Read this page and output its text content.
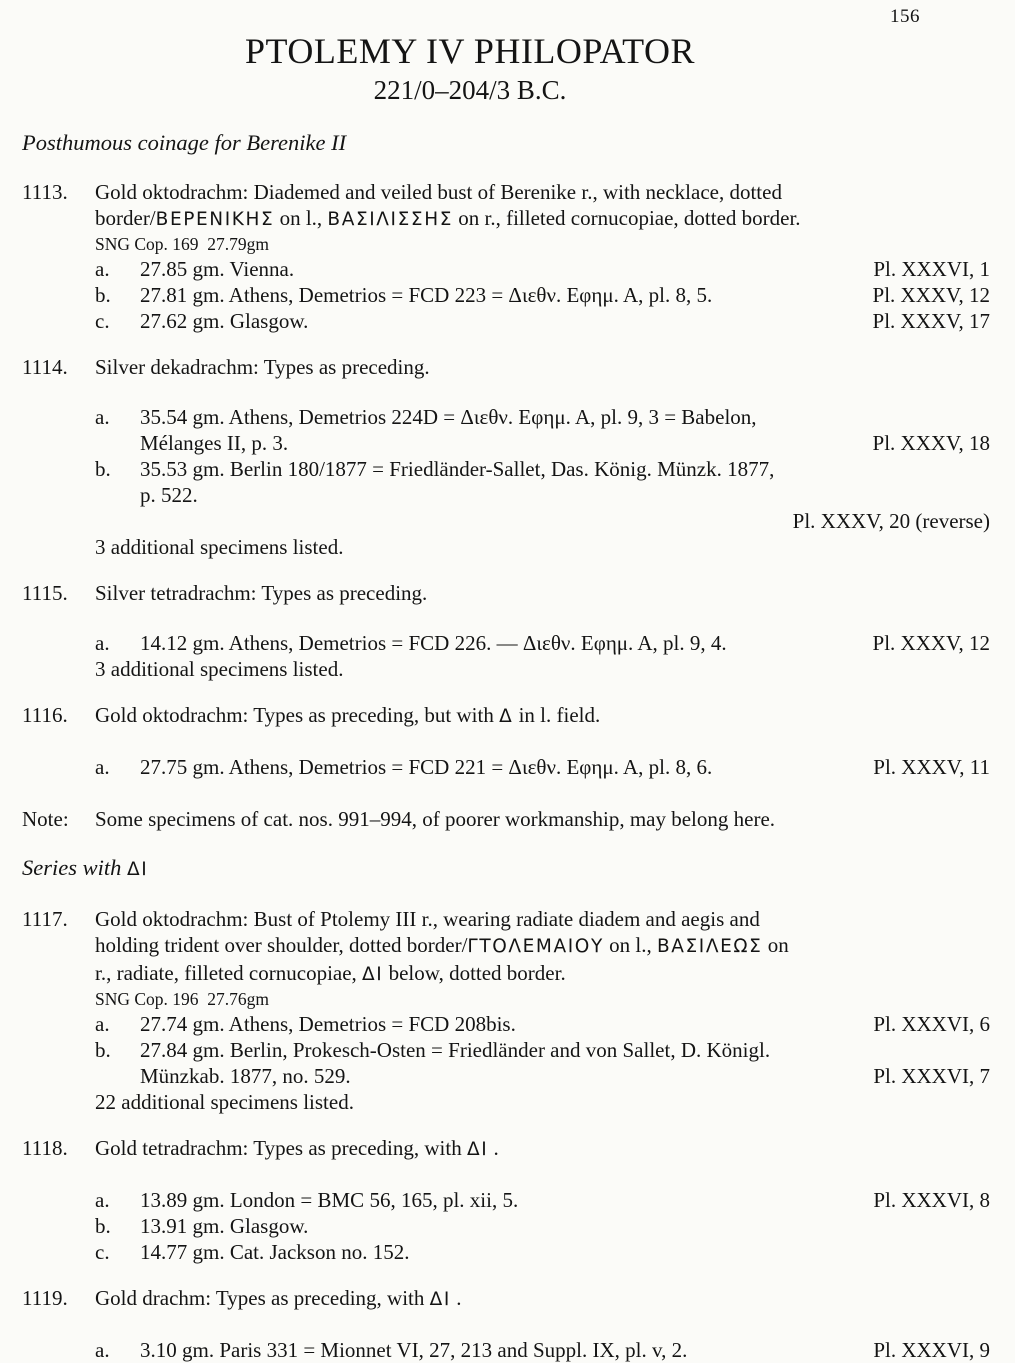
156
PTOLEMY IV PHILOPATOR
221/0–204/3 B.C.
Posthumous coinage for Berenike II
1113. Gold oktodrachm: Diademed and veiled bust of Berenike r., with necklace, dotted
border/ΒΕΡΕΝΙΚΗΣ on l., ΒΑΣΙΛΙΣΣΗΣ on r., filleted cornucopiae, dotted border.
SNG Cop. 169  27.79gm
a.	27.85 gm. Vienna.	Pl. XXXVI, 1
b.	27.81 gm. Athens, Demetrios = FCD 223 = Διεθν. Εφημ. Α, pl. 8, 5.	Pl. XXXV, 12
c.	27.62 gm. Glasgow.	Pl. XXXV, 17
1114. Silver dekadrachm: Types as preceding.
a.	35.54 gm. Athens, Demetrios 224D = Διεθν. Εφημ. Α, pl. 9, 3 = Babelon,
Mélanges II, p. 3.	Pl. XXXV, 18
b.	35.53 gm. Berlin 180/1877 = Friedländer-Sallet, Das. König. Münzk. 1877,
p. 522.
Pl. XXXV, 20 (reverse)
3 additional specimens listed.
1115. Silver tetradrachm: Types as preceding.
a.	14.12 gm. Athens, Demetrios = FCD 226. — Διεθν. Εφημ. Α, pl. 9, 4.	Pl. XXXV, 12
3 additional specimens listed.
1116. Gold oktodrachm: Types as preceding, but with Δ in l. field.
a.	27.75 gm. Athens, Demetrios = FCD 221 = Διεθν. Εφημ. Α, pl. 8, 6.	Pl. XXXV, 11
Note: Some specimens of cat. nos. 991–994, of poorer workmanship, may belong here.
Series with ΔΙ
1117. Gold oktodrachm: Bust of Ptolemy III r., wearing radiate diadem and aegis and
holding trident over shoulder, dotted border/ΓΤΟΛΕΜΑΙΟΥ on l., ΒΑΣΙΛΕΩΣ on
r., radiate, filleted cornucopiae, ΔΙ below, dotted border.
SNG Cop. 196  27.76gm
a.	27.74 gm. Athens, Demetrios = FCD 208bis.	Pl. XXXVI, 6
b.	27.84 gm. Berlin, Prokesch-Osten = Friedländer and von Sallet, D. Königl.
Münzkab. 1877, no. 529.	Pl. XXXVI, 7
22 additional specimens listed.
1118. Gold tetradrachm: Types as preceding, with ΔΙ .
a.	13.89 gm. London = BMC 56, 165, pl. xii, 5.	Pl. XXXVI, 8
b.	13.91 gm. Glasgow.
c.	14.77 gm. Cat. Jackson no. 152.
1119. Gold drachm: Types as preceding, with ΔΙ .
a.	3.10 gm. Paris 331 = Mionnet VI, 27, 213 and Suppl. IX, pl. v, 2.	Pl. XXXVI, 9
